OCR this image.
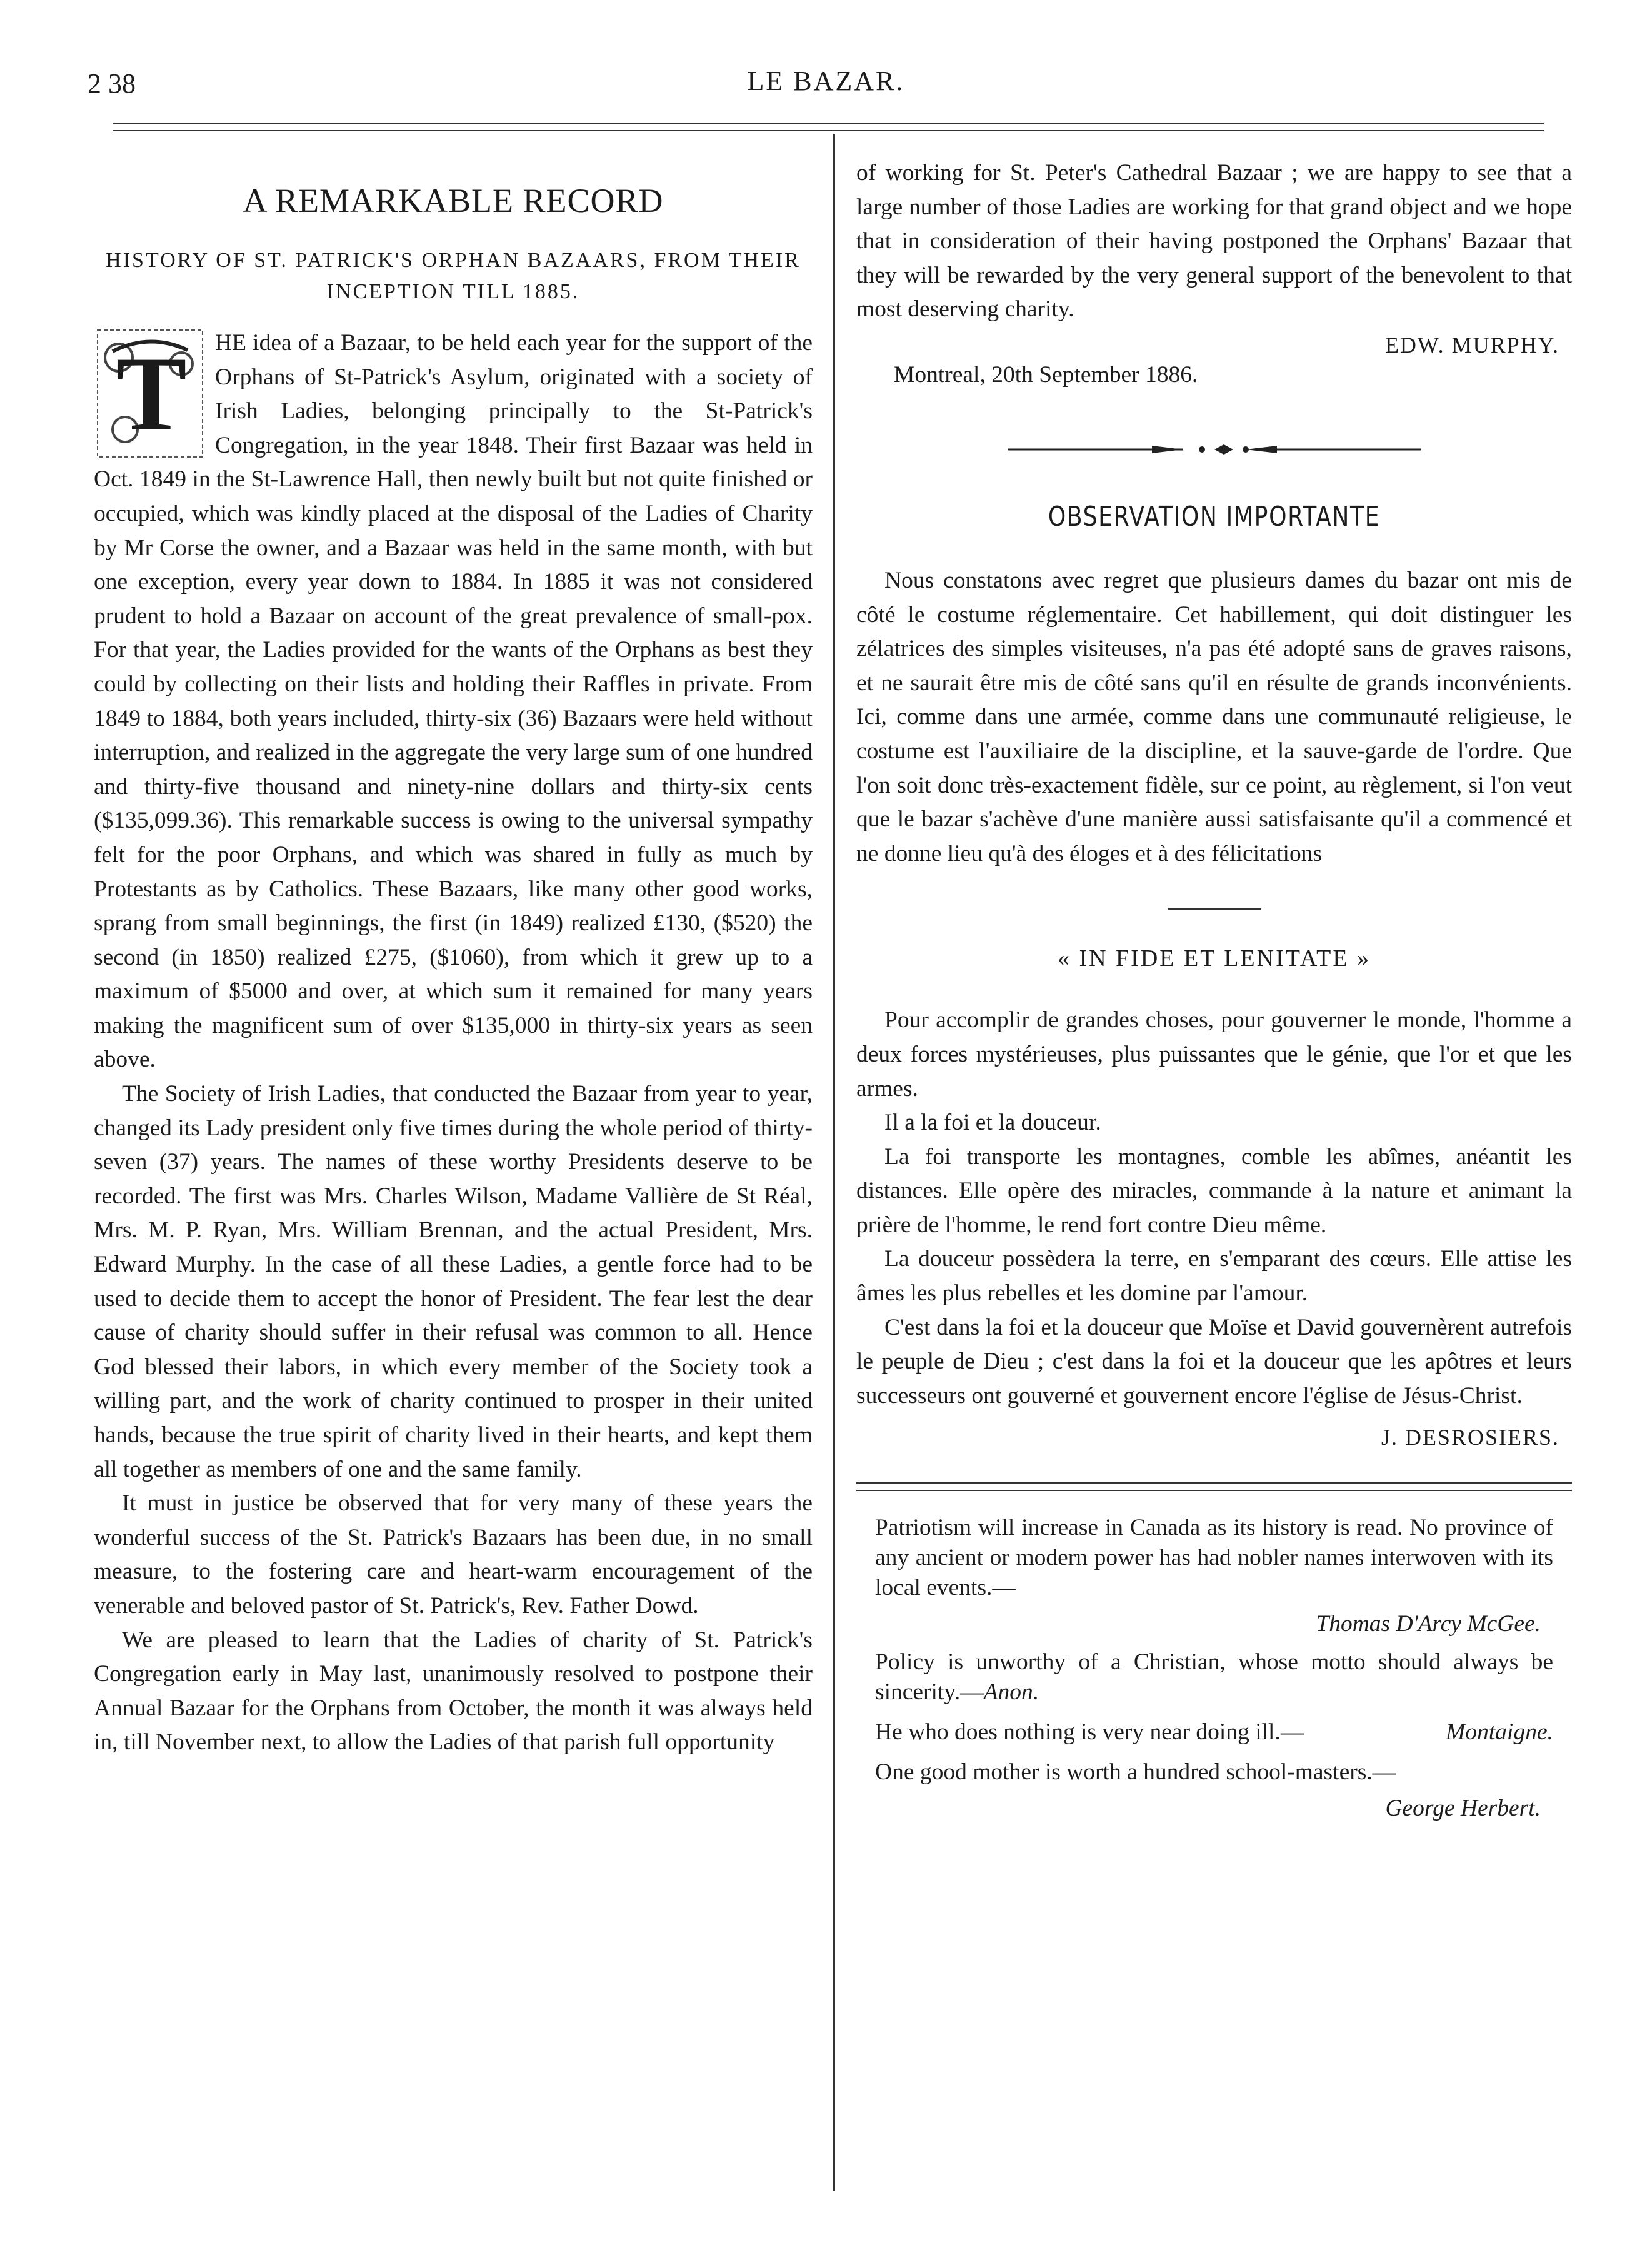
2 38	LE BAZAR.
A REMARKABLE RECORD
HISTORY OF ST. PATRICK'S ORPHAN BAZAARS, FROM THEIR INCEPTION TILL 1885.

T HE idea of a Bazaar, to be held each year for the support of the Orphans of St-Patrick's Asylum, originated with a society of Irish Ladies, belonging principally to the St-Patrick's Congregation, in the year 1848. Their first Bazaar was held in Oct. 1849 in the St-Lawrence Hall, then newly built but not quite finished or occupied, which was kindly placed at the disposal of the Ladies of Charity by Mr Corse the owner, and a Bazaar was held in the same month, with but one exception, every year down to 1884. In 1885 it was not considered prudent to hold a Bazaar on account of the great prevalence of small-pox. For that year, the Ladies provided for the wants of the Orphans as best they could by collecting on their lists and holding their Raffles in private. From 1849 to 1884, both years included, thirty-six (36) Bazaars were held without interruption, and realized in the aggregate the very large sum of one hundred and thirty-five thousand and ninety-nine dollars and thirty-six cents ($135,099.36). This remarkable success is owing to the universal sympathy felt for the poor Orphans, and which was shared in fully as much by Protestants as by Catholics. These Bazaars, like many other good works, sprang from small beginnings, the first (in 1849) realized £130, ($520) the second (in 1850) realized £275, ($1060), from which it grew up to a maximum of $5000 and over, at which sum it remained for many years making the magnificent sum of over $135,000 in thirty-six years as seen above.

The Society of Irish Ladies, that conducted the Bazaar from year to year, changed its Lady president only five times during the whole period of thirty-seven (37) years. The names of these worthy Presidents deserve to be recorded. The first was Mrs. Charles Wilson, Madame Vallière de St Réal, Mrs. M. P. Ryan, Mrs. William Brennan, and the actual President, Mrs. Edward Murphy. In the case of all these Ladies, a gentle force had to be used to decide them to accept the honor of President. The fear lest the dear cause of charity should suffer in their refusal was common to all. Hence God blessed their labors, in which every member of the Society took a willing part, and the work of charity continued to prosper in their united hands, because the true spirit of charity lived in their hearts, and kept them all together as members of one and the same family.

It must in justice be observed that for very many of these years the wonderful success of the St. Patrick's Bazaars has been due, in no small measure, to the fostering care and heart-warm encouragement of the venerable and beloved pastor of St. Patrick's, Rev. Father Dowd.

We are pleased to learn that the Ladies of charity of St. Patrick's Congregation early in May last, unanimously resolved to postpone their Annual Bazaar for the Orphans from October, the month it was always held in, till November next, to allow the Ladies of that parish full opportunity

of working for St. Peter's Cathedral Bazaar ; we are happy to see that a large number of those Ladies are working for that grand object and we hope that in consideration of their having postponed the Orphans' Bazaar that they will be rewarded by the very general support of the benevolent to that most deserving charity.

EDW. MURPHY.
Montreal, 20th September 1886.
OBSERVATION IMPORTANTE

Nous constatons avec regret que plusieurs dames du bazar ont mis de côté le costume réglementaire. Cet habillement, qui doit distinguer les zélatrices des simples visiteuses, n'a pas été adopté sans de graves raisons, et ne saurait être mis de côté sans qu'il en résulte de grands inconvénients. Ici, comme dans une armée, comme dans une communauté religieuse, le costume est l'auxiliaire de la discipline, et la sauve-garde de l'ordre. Que l'on soit donc très-exactement fidèle, sur ce point, au règlement, si l'on veut que le bazar s'achève d'une manière aussi satisfaisante qu'il a commencé et ne donne lieu qu'à des éloges et à des félicitations

« IN FIDE ET LENITATE »

Pour accomplir de grandes choses, pour gouverner le monde, l'homme a deux forces mystérieuses, plus puissantes que le génie, que l'or et que les armes.

Il a la foi et la douceur.

La foi transporte les montagnes, comble les abîmes, anéantit les distances. Elle opère des miracles, commande à la nature et animant la prière de l'homme, le rend fort contre Dieu même.

La douceur possèdera la terre, en s'emparant des cœurs. Elle attise les âmes les plus rebelles et les domine par l'amour.

C'est dans la foi et la douceur que Moïse et David gouvernèrent autrefois le peuple de Dieu ; c'est dans la foi et la douceur que les apôtres et leurs successeurs ont gouverné et gouvernent encore l'église de Jésus-Christ.

J. DESROSIERS.

Patriotism will increase in Canada as its history is read. No province of any ancient or modern power has had nobler names interwoven with its local events.—

Thomas D'Arcy McGee.

Policy is unworthy of a Christian, whose motto should always be sincerity.—Anon.

He who does nothing is very near doing ill.—	Montaigne.

One good mother is worth a hundred school-masters.—

George Herbert.
